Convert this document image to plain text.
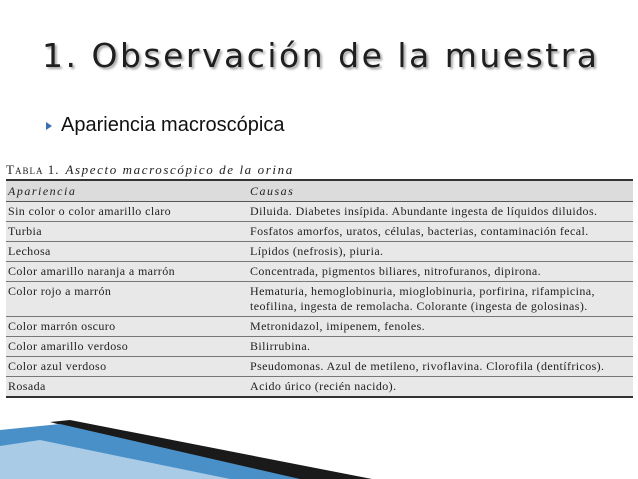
1. Observación de la muestra
Apariencia macroscópica
Tabla 1. Aspecto macroscópico de la orina
Apariencia	Causas
Sin color o color amarillo claro	Diluida. Diabetes insípida. Abundante ingesta de líquidos diluidos.
Turbia	Fosfatos amorfos, uratos, células, bacterias, contaminación fecal.
Lechosa	Lípidos (nefrosis), piuria.
Color amarillo naranja a marrón	Concentrada, pigmentos biliares, nitrofuranos, dipirona.
Color rojo a marrón	Hematuria, hemoglobinuria, mioglobinuria, porfirina, rifampicina, teofilina, ingesta de remolacha. Colorante (ingesta de golosinas).
Color marrón oscuro	Metronidazol, imipenem, fenoles.
Color amarillo verdoso	Bilirrubina.
Color azul verdoso	Pseudomonas. Azul de metileno, rivoflavina. Clorofila (dentífricos).
Rosada	Acido úrico (recién nacido).
